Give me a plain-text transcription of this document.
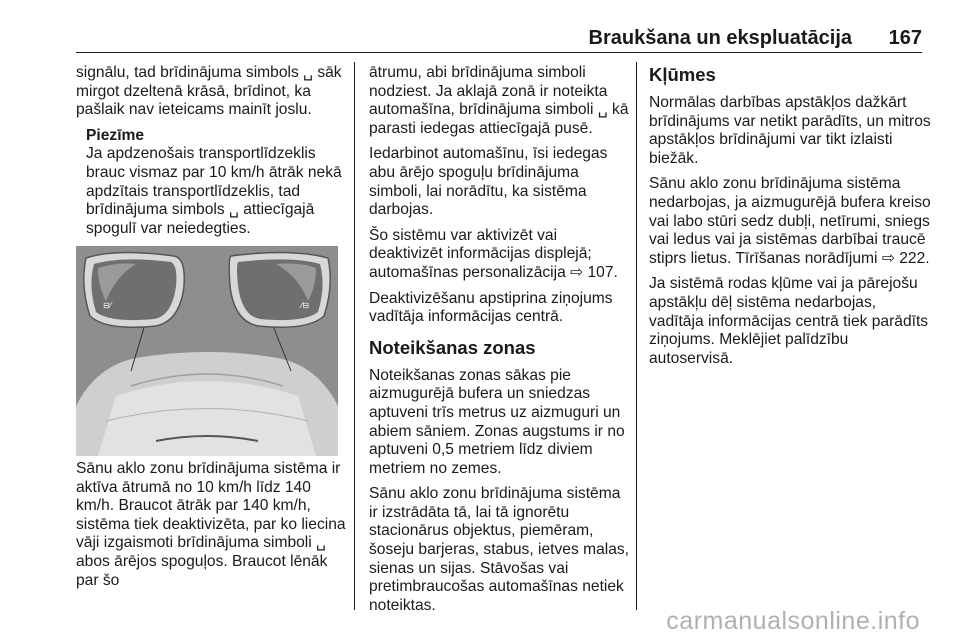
Braukšana un ekspluatācija 167

signālu, tad brīdinājuma simbols ␣ sāk mirgot dzeltenā krāsā, brīdinot, ka pašlaik nav ieteicams mainīt joslu.

Piezīme

Ja apdzenošais transportlīdzeklis brauc vismaz par 10 km/h ātrāk nekā apdzītais transportlīdzeklis, tad brīdinājuma simbols ␣ attiecīgajā spogulī var neiedegties.

⊟⁄	⁄⊟

Sānu aklo zonu brīdinājuma sistēma ir aktīva ātrumā no 10 km/h līdz 140 km/h. Braucot ātrāk par 140 km/h, sistēma tiek deaktivizēta, par ko liecina vāji izgaismoti brīdinājuma simboli ␣ abos ārējos spoguļos. Braucot lēnāk par šo

ātrumu, abi brīdinājuma simboli nodziest. Ja aklajā zonā ir noteikta automašīna, brīdinājuma simboli ␣ kā parasti iedegas attiecīgajā pusē.

Iedarbinot automašīnu, īsi iedegas abu ārējo spoguļu brīdinājuma simboli, lai norādītu, ka sistēma darbojas.

Šo sistēmu var aktivizēt vai deaktivizēt informācijas displejā; automašīnas personalizācija ⇨ 107.

Deaktivizēšanu apstiprina ziņojums vadītāja informācijas centrā.

Noteikšanas zonas

Noteikšanas zonas sākas pie aizmugurējā bufera un sniedzas aptuveni trīs metrus uz aizmuguri un abiem sāniem. Zonas augstums ir no aptuveni 0,5 metriem līdz diviem metriem no zemes.

Sānu aklo zonu brīdinājuma sistēma ir izstrādāta tā, lai tā ignorētu stacionārus objektus, piemēram, šoseju barjeras, stabus, ietves malas, sienas un sijas. Stāvošas vai pretimbraucošas automašīnas netiek noteiktas.

Kļūmes

Normālas darbības apstākļos dažkārt brīdinājums var netikt parādīts, un mitros apstākļos brīdinājumi var tikt izlaisti biežāk.

Sānu aklo zonu brīdinājuma sistēma nedarbojas, ja aizmugurējā bufera kreiso vai labo stūri sedz dubļi, netīrumi, sniegs vai ledus vai ja sistēmas darbībai traucē stiprs lietus. Tīrīšanas norādījumi ⇨ 222.

Ja sistēmā rodas kļūme vai ja pārejošu apstākļu dēļ sistēma nedarbojas, vadītāja informācijas centrā tiek parādīts ziņojums. Meklējiet palīdzību autoservisā.

carmanualsonline.info
